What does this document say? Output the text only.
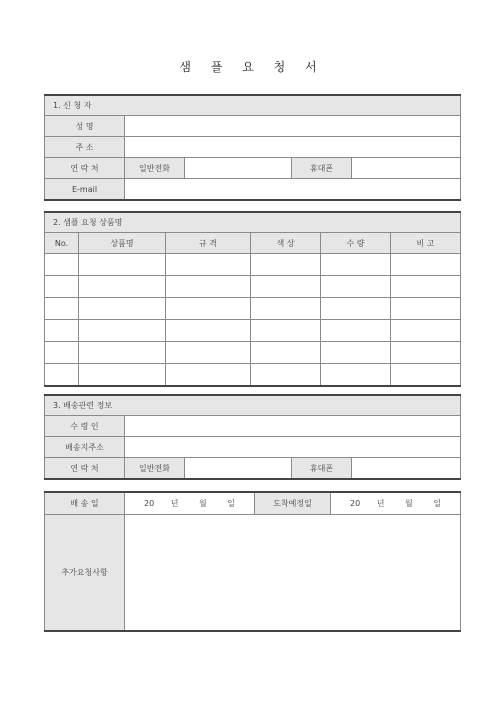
샘 플 요 청 서
1. 신 청 자				
성 명				
주 소				
연 락 처	일반전화		휴대폰	
E-mail				
2. 샘플 요청 상품명					
No.	상품명	규 격	색 상	수 량	비 고

3. 배송관련 정보				
수 령 인				
배송지주소				
연 락 처	일반전화		휴대폰	
배 송 일	20 년 월 일	도착예정일	20 년 월 일
추가요청사항			
